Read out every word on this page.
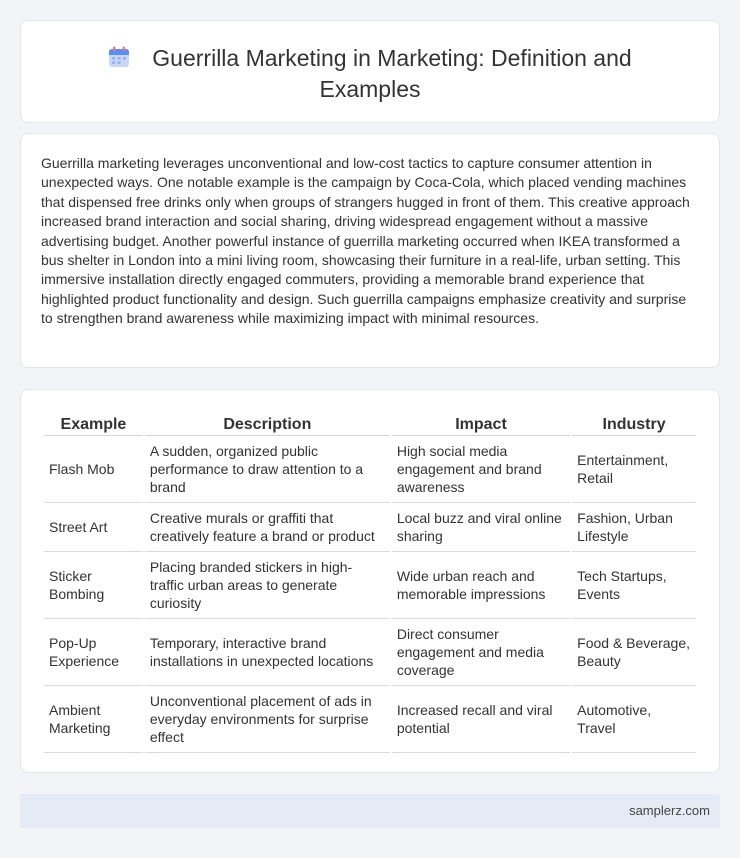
Guerrilla Marketing in Marketing: Definition and Examples

Guerrilla marketing leverages unconventional and low-cost tactics to capture consumer attention in unexpected ways. One notable example is the campaign by Coca-Cola, which placed vending machines that dispensed free drinks only when groups of strangers hugged in front of them. This creative approach increased brand interaction and social sharing, driving widespread engagement without a massive advertising budget. Another powerful instance of guerrilla marketing occurred when IKEA transformed a bus shelter in London into a mini living room, showcasing their furniture in a real-life, urban setting. This immersive installation directly engaged commuters, providing a memorable brand experience that highlighted product functionality and design. Such guerrilla campaigns emphasize creativity and surprise to strengthen brand awareness while maximizing impact with minimal resources.

Example	Description	Impact	Industry
Flash Mob	A sudden, organized public performance to draw attention to a brand	High social media engagement and brand awareness	Entertainment, Retail
Street Art	Creative murals or graffiti that creatively feature a brand or product	Local buzz and viral online sharing	Fashion, Urban Lifestyle
Sticker Bombing	Placing branded stickers in high-traffic urban areas to generate curiosity	Wide urban reach and memorable impressions	Tech Startups, Events
Pop-Up Experience	Temporary, interactive brand installations in unexpected locations	Direct consumer engagement and media coverage	Food & Beverage, Beauty
Ambient Marketing	Unconventional placement of ads in everyday environments for surprise effect	Increased recall and viral potential	Automotive, Travel
samplerz.com
